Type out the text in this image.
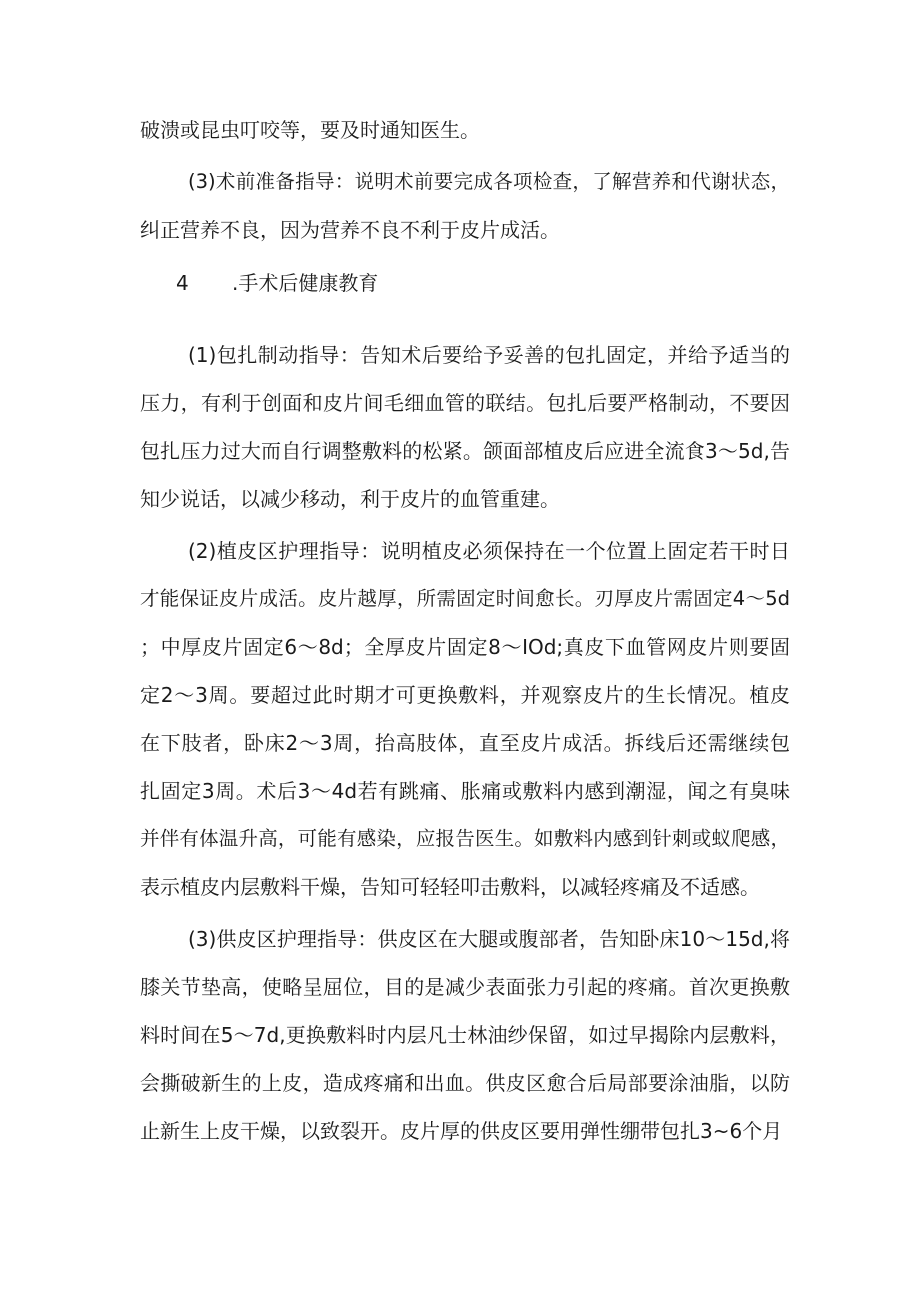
破溃或昆虫叮咬等，要及时通知医生。
(3)术前准备指导：说明术前要完成各项检查，了解营养和代谢状态，
纠正营养不良，因为营养不良不利于皮片成活。
4 .手术后健康教育
(1)包扎制动指导：告知术后要给予妥善的包扎固定，并给予适当的
压力，有利于创面和皮片间毛细血管的联结。包扎后要严格制动，不要因
包扎压力过大而自行调整敷料的松紧。颌面部植皮后应进全流食3～5d,告
知少说话，以减少移动，利于皮片的血管重建。
(2)植皮区护理指导：说明植皮必须保持在一个位置上固定若干时日
才能保证皮片成活。皮片越厚，所需固定时间愈长。刃厚皮片需固定4～5d
；中厚皮片固定6～8d；全厚皮片固定8～IOd;真皮下血管网皮片则要固
定2～3周。要超过此时期才可更换敷料，并观察皮片的生长情况。植皮
在下肢者，卧床2～3周，抬高肢体，直至皮片成活。拆线后还需继续包
扎固定3周。术后3～4d若有跳痛、胀痛或敷料内感到潮湿，闻之有臭味
并伴有体温升高，可能有感染，应报告医生。如敷料内感到针刺或蚁爬感，
表示植皮内层敷料干燥，告知可轻轻叩击敷料，以减轻疼痛及不适感。
(3)供皮区护理指导：供皮区在大腿或腹部者，告知卧床10～15d,将
膝关节垫高，使略呈屈位，目的是减少表面张力引起的疼痛。首次更换敷
料时间在5～7d,更换敷料时内层凡士林油纱保留，如过早揭除内层敷料，
会撕破新生的上皮，造成疼痛和出血。供皮区愈合后局部要涂油脂，以防
止新生上皮干燥，以致裂开。皮片厚的供皮区要用弹性绷带包扎3~6个月
